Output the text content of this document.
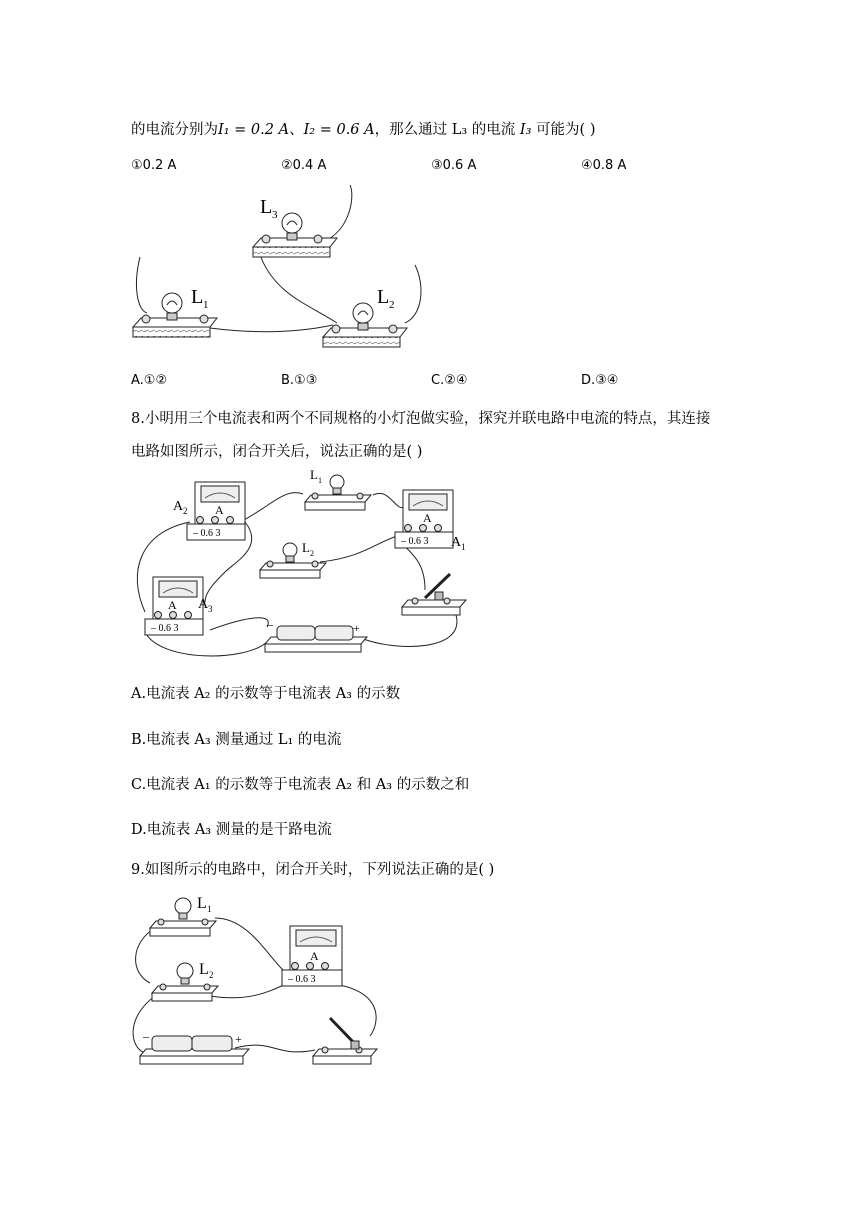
的电流分别为I₁ = 0.2 A、I₂ = 0.6 A，那么通过 L₃ 的电流 I₃ 可能为( )
①0.2 A	②0.4 A	③0.6 A	④0.8 A
L 3
L 1	L 2
A.①②	B.①③	C.②④	D.③④
8.小明用三个电流表和两个不同规格的小灯泡做实验，探究并联电路中电流的特点，其连接
电路如图所示，闭合开关后，说法正确的是( )
A
– 0.6 3
A 2
L 1
A
– 0.6 3 A 1
L 2
A
– 0.6 3
A 3
–	+
A.电流表 A₂ 的示数等于电流表 A₃ 的示数
B.电流表 A₃ 测量通过 L₁ 的电流
C.电流表 A₁ 的示数等于电流表 A₂ 和 A₃ 的示数之和
D.电流表 A₃ 测量的是干路电流
9.如图所示的电路中，闭合开关时，下列说法正确的是( )
L 1
L 2
A
– 0.6 3
–	+
